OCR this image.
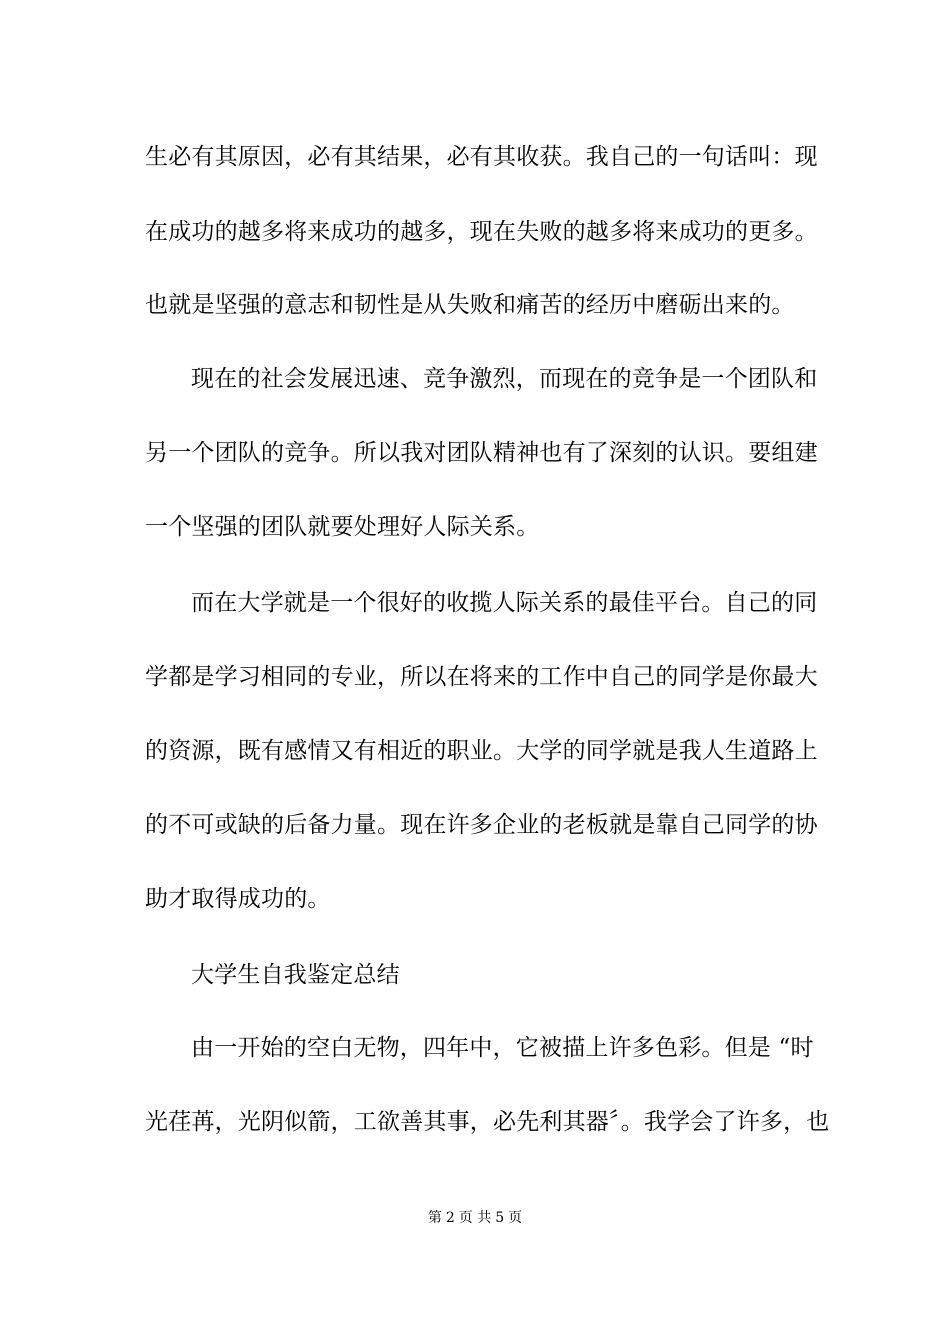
生必有其原因，必有其结果，必有其收获。我自己的一句话叫：现
在成功的越多将来成功的越多，现在失败的越多将来成功的更多。
也就是坚强的意志和韧性是从失败和痛苦的经历中磨砺出来的。
现在的社会发展迅速、竞争激烈，而现在的竞争是一个团队和
另一个团队的竞争。所以我对团队精神也有了深刻的认识。要组建
一个坚强的团队就要处理好人际关系。
而在大学就是一个很好的收揽人际关系的最佳平台。自己的同
学都是学习相同的专业，所以在将来的工作中自己的同学是你最大
的资源，既有感情又有相近的职业。大学的同学就是我人生道路上
的不可或缺的后备力量。现在许多企业的老板就是靠自己同学的协
助才取得成功的。
大学生自我鉴定总结
由一开始的空白无物，四年中，它被描上许多色彩。但是 “时
光荏苒，光阴似箭，工欲善其事，必先利其器〞。我学会了许多，也
第 2 页 共 5 页
